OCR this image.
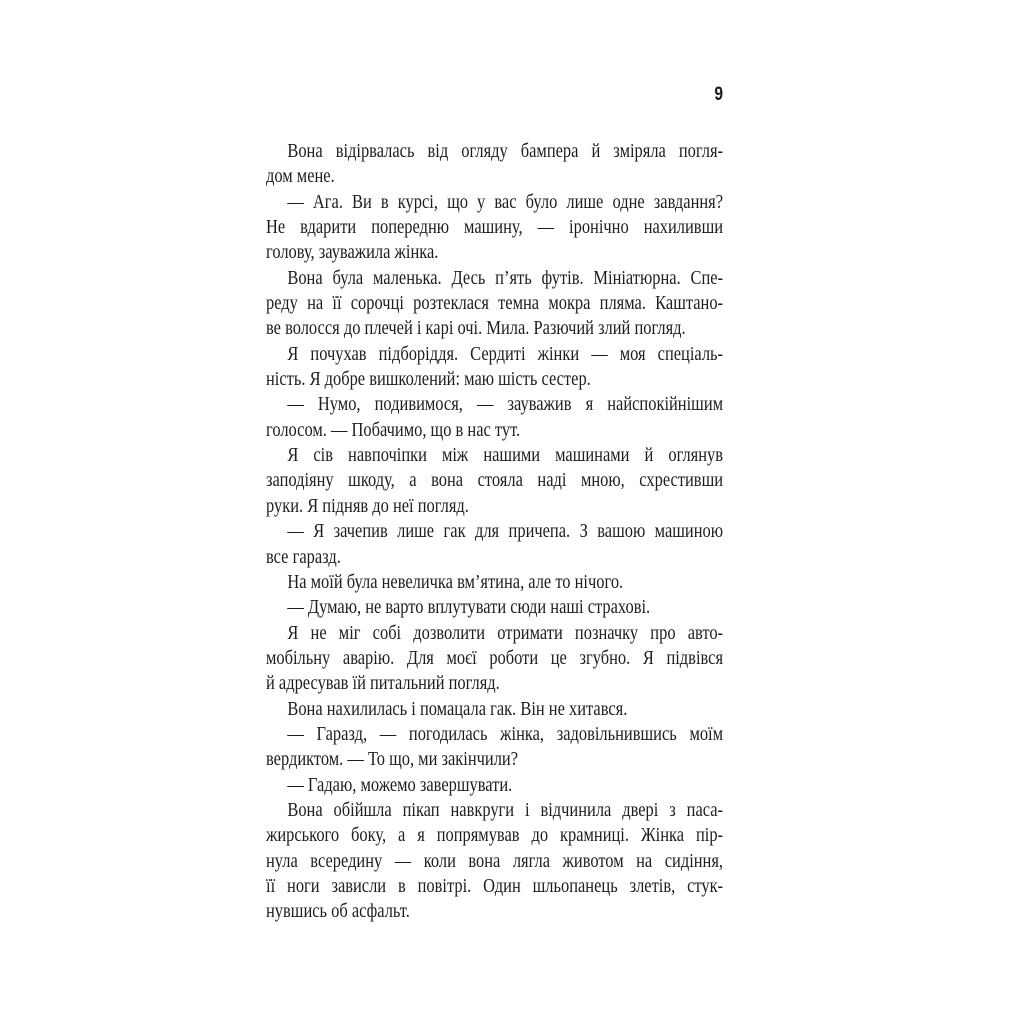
9
Вона відірвалась від огляду бампера й зміряла погля-
дом мене.
— Ага. Ви в курсі, що у вас було лише одне завдання?
Не вдарити попередню машину, — іронічно нахиливши
голову, зауважила жінка.
Вона була маленька. Десь п’ять футів. Мініатюрна. Спе-
реду на її сорочці розтеклася темна мокра пляма. Каштано-
ве волосся до плечей і карі очі. Мила. Разючий злий погляд.
Я почухав підборіддя. Сердиті жінки — моя спеціаль-
ність. Я добре вишколений: маю шість сестер.
— Нумо, подивимося, — зауважив я найспокійнішим
голосом. — Побачимо, що в нас тут.
Я сів навпочіпки між нашими машинами й оглянув
заподіяну шкоду, а вона стояла наді мною, схрестивши
руки. Я підняв до неї погляд.
— Я зачепив лише гак для причепа. З вашою машиною
все гаразд.
На моїй була невеличка вм’ятина, але то нічого.
— Думаю, не варто вплутувати сюди наші страхові.
Я не міг собі дозволити отримати позначку про авто-
мобільну аварію. Для моєї роботи це згубно. Я підвівся
й адресував їй питальний погляд.
Вона нахилилась і помацала гак. Він не хитався.
— Гаразд, — погодилась жінка, задовільнившись моїм
вердиктом. — То що, ми закінчили?
— Гадаю, можемо завершувати.
Вона обійшла пікап навкруги і відчинила двері з паса-
жирського боку, а я попрямував до крамниці. Жінка пір-
нула всередину — коли вона лягла животом на сидіння,
її ноги зависли в повітрі. Один шльопанець злетів, стук-
нувшись об асфальт.
